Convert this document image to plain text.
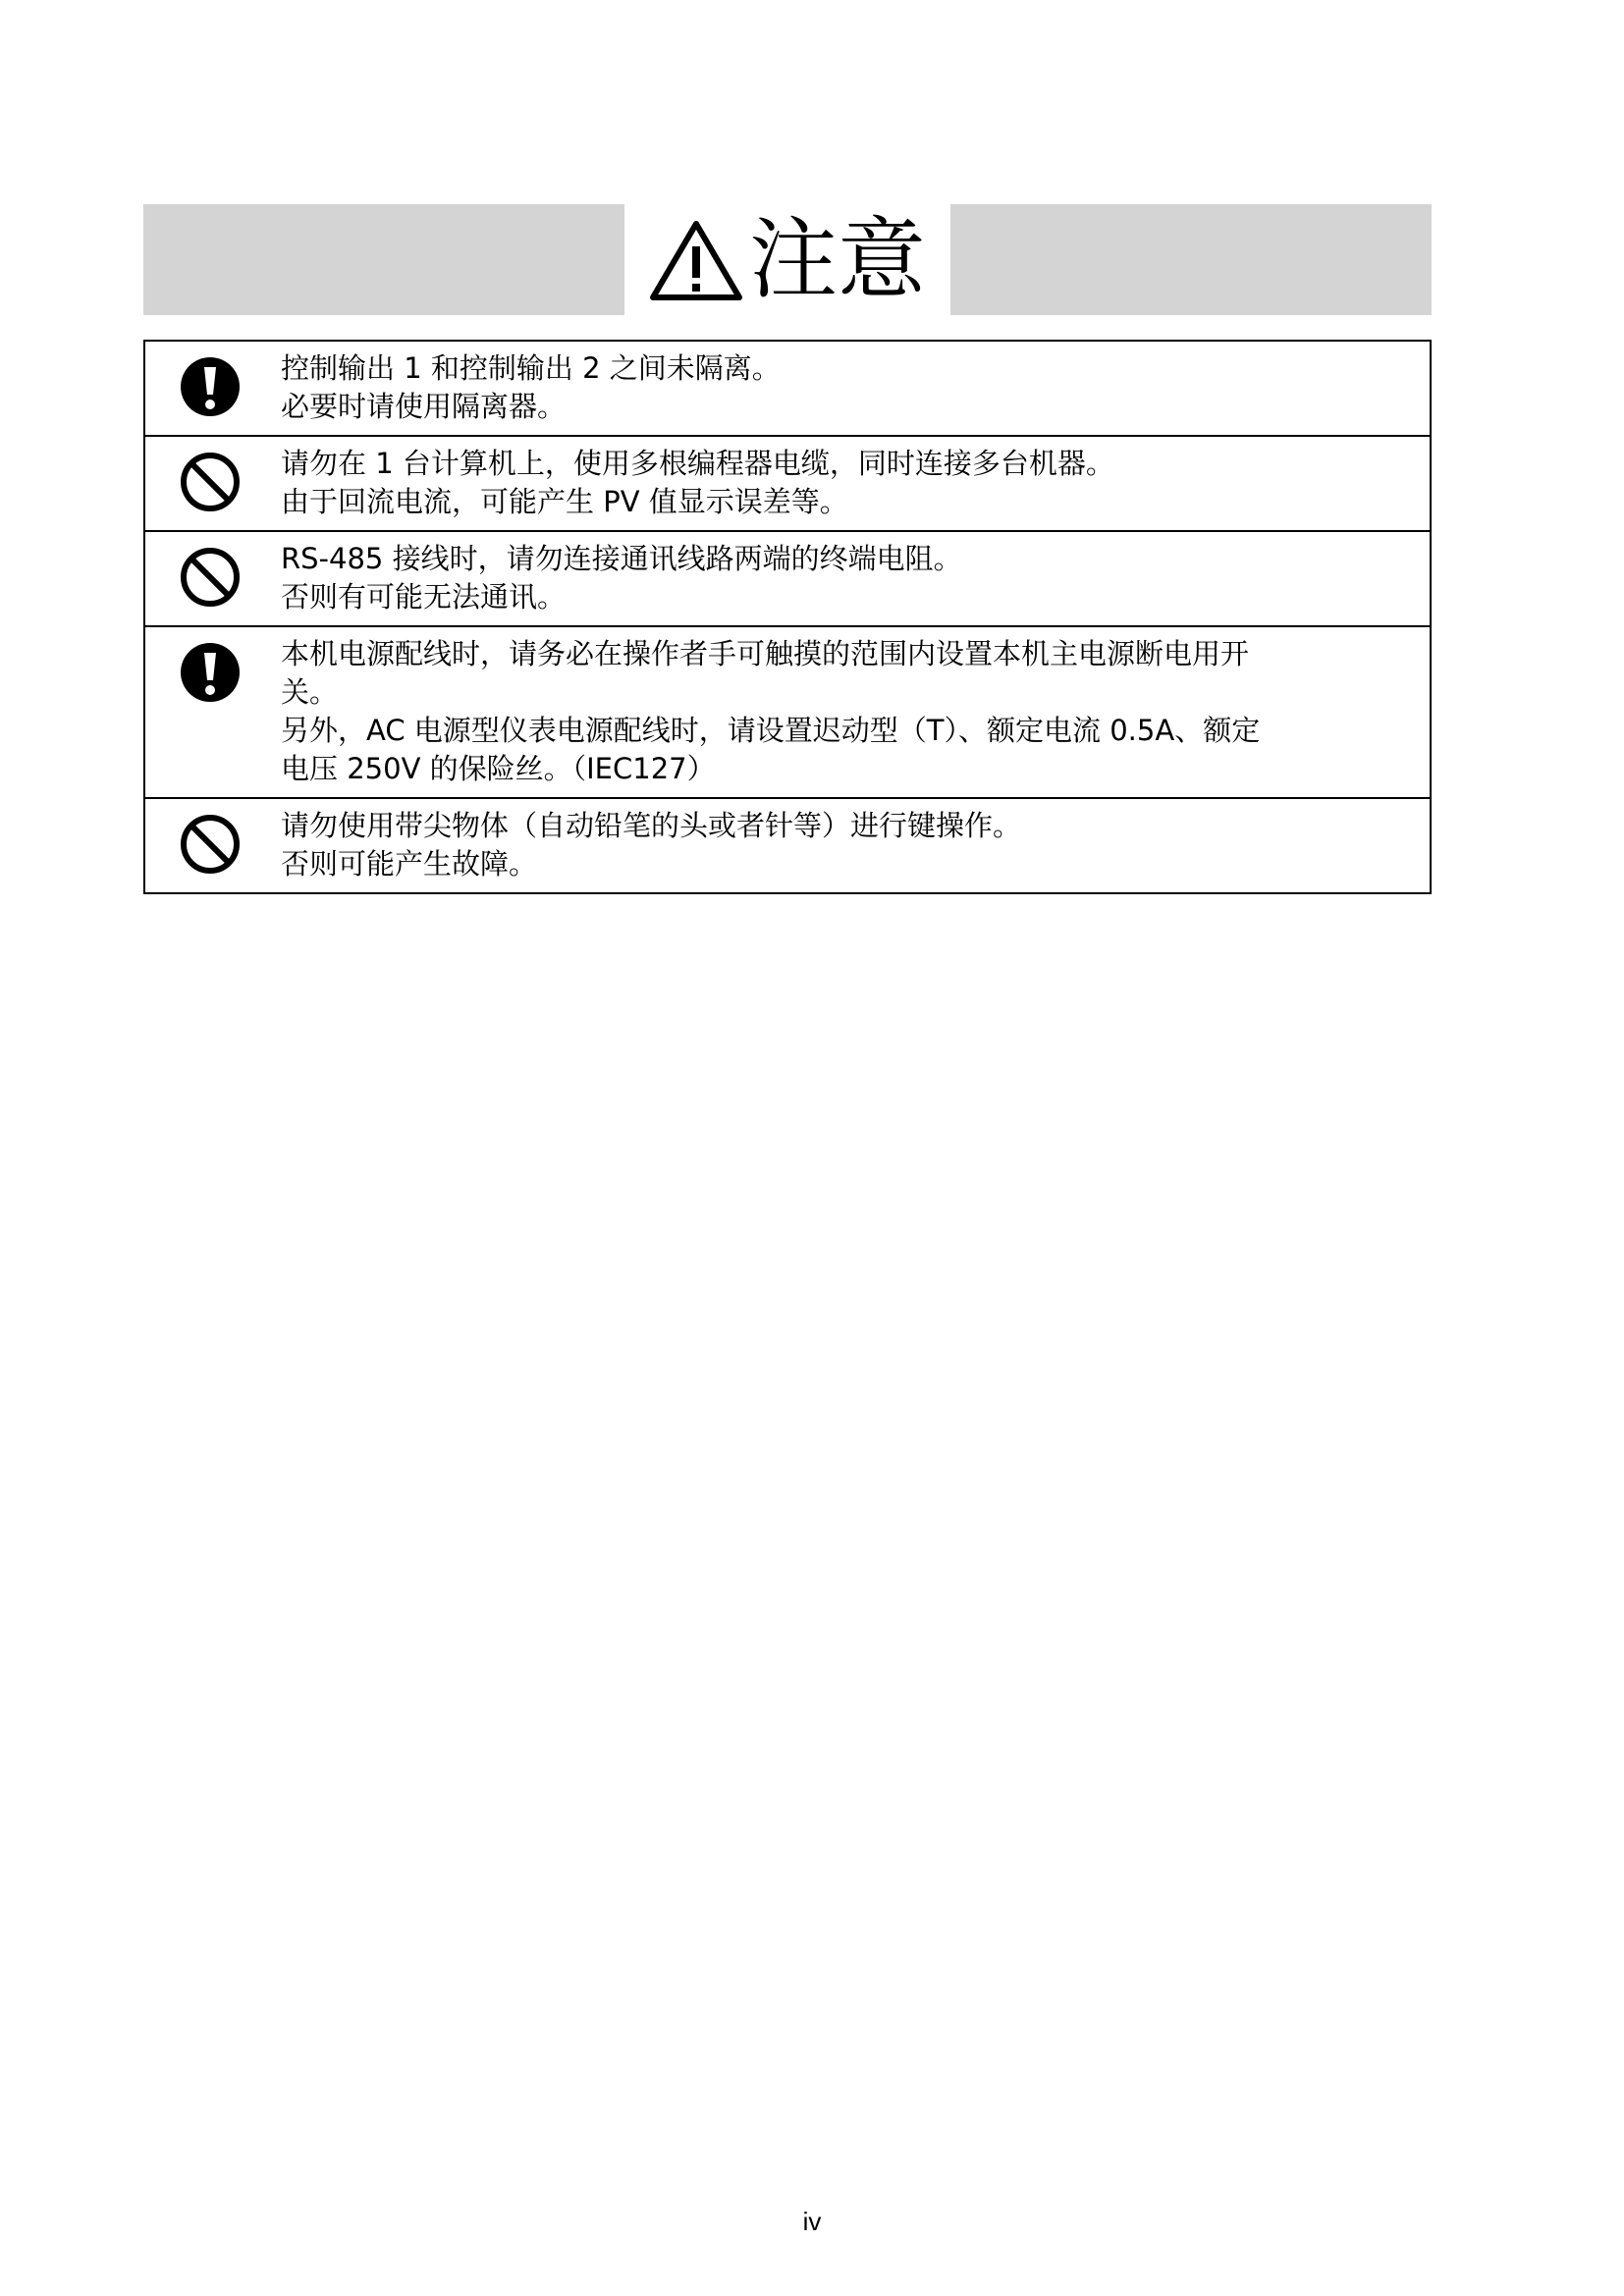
注意
控制输出 1 和控制输出 2 之间未隔离。
必要时请使用隔离器。
请勿在 1 台计算机上，使用多根编程器电缆，同时连接多台机器。
由于回流电流，可能产生 PV 值显示误差等。
RS-485 接线时，请勿连接通讯线路两端的终端电阻。
否则有可能无法通讯。
本机电源配线时，请务必在操作者手可触摸的范围内设置本机主电源断电用开
关。
另外，AC 电源型仪表电源配线时，请设置迟动型（T）、额定电流 0.5A、额定
电压 250V 的保险丝。（IEC127）
请勿使用带尖物体（自动铅笔的头或者针等）进行键操作。
否则可能产生故障。
iv
